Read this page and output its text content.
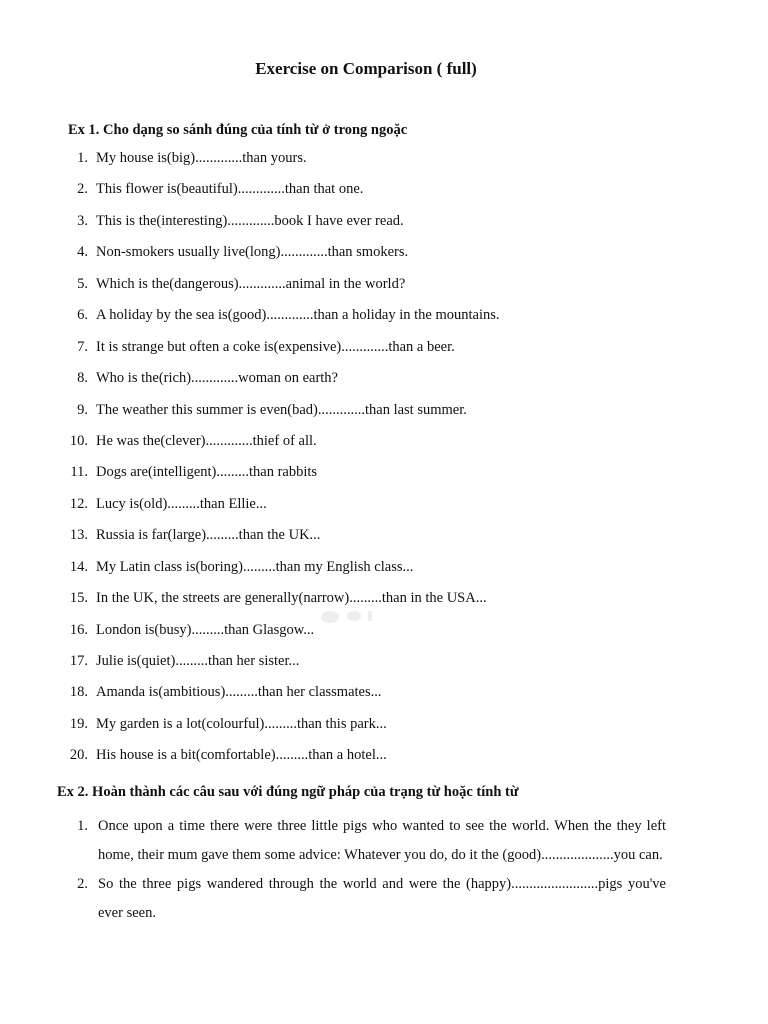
Exercise on Comparison ( full)
Ex 1. Cho dạng so sánh đúng của tính từ ở trong ngoặc
1. My house is(big).............than yours.
2. This flower is(beautiful).............than that one.
3. This is the(interesting).............book I have ever read.
4. Non-smokers usually live(long).............than smokers.
5. Which is the(dangerous).............animal in the world?
6. A holiday by the sea is(good).............than a holiday in the mountains.
7. It is strange but often a coke is(expensive).............than a beer.
8. Who is the(rich).............woman on earth?
9. The weather this summer is even(bad).............than last summer.
10. He was the(clever).............thief of all.
11. Dogs are(intelligent).........than rabbits
12. Lucy is(old).........than Ellie...
13. Russia is far(large).........than the UK...
14. My Latin class is(boring).........than my English class...
15. In the UK, the streets are generally(narrow).........than in the USA...
16. London is(busy).........than Glasgow...
17. Julie is(quiet).........than her sister...
18. Amanda is(ambitious).........than her classmates...
19. My garden is a lot(colourful).........than this park...
20. His house is a bit(comfortable).........than a hotel...
Ex 2. Hoàn thành các câu sau với đúng ngữ pháp của trạng từ hoặc tính từ
1. Once upon a time there were three little pigs who wanted to see the world. When the they left home, their mum gave them some advice: Whatever you do, do it the (good)....................you can.
2. So the three pigs wandered through the world and were the (happy)........................pigs you've ever seen.
